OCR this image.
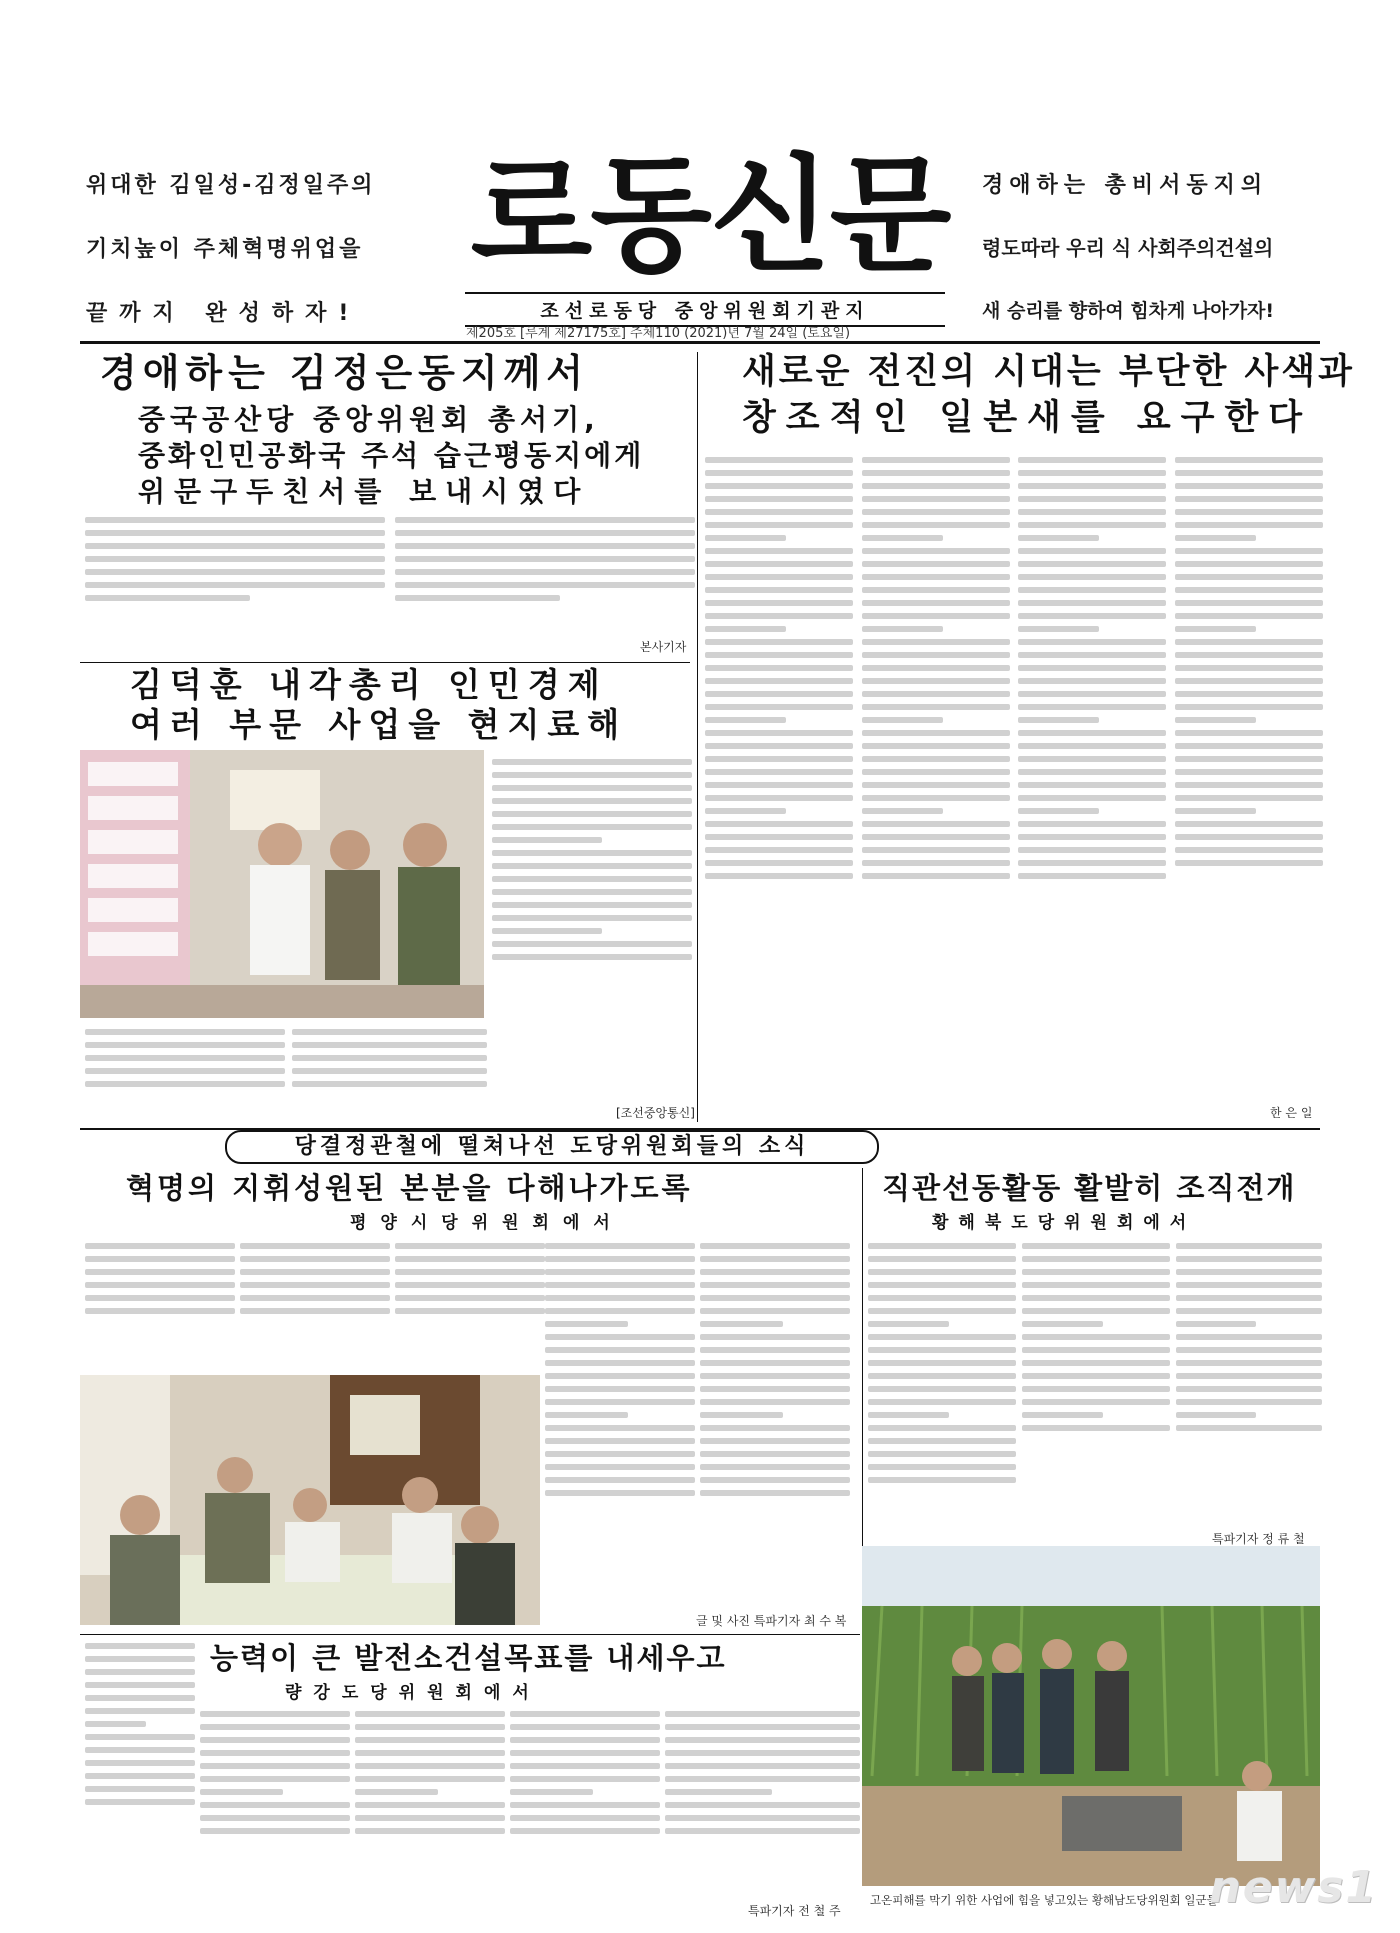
위대한 김일성-김정일주의
기치높이 주체혁명위업을
끝까지 완성하자!
로동신문
조선로동당 중앙위원회기관지
제205호 [루계 제27175호] 주체110 (2021)년 7월 24일 (토요일)
경애하는 총비서동지의
령도따라 우리 식 사회주의건설의
새 승리를 향하여 힘차게 나아가자!
경애하는 김정은동지께서
중국공산당 중앙위원회 총서기,
중화인민공화국 주석 습근평동지에게
위문구두친서를 보내시였다
본사기자
김덕훈 내각총리 인민경제
여러 부문 사업을 현지료해
[조선중앙통신]
새로운 전진의 시대는 부단한 사색과
창조적인 일본새를 요구한다
한 은 일
당결정관철에 떨쳐나선 도당위원회들의 소식
혁명의 지휘성원된 본분을 다해나가도록
평양시당위원회에서
글 및 사진 특파기자 최 수 복
직관선동활동 활발히 조직전개
황해북도당위원회에서
특파기자 정 류 철
능력이 큰 발전소건설목표를 내세우고
량강도당위원회에서
특파기자 전 철 주
고온피해를 막기 위한 사업에 힘을 넣고있는 황해남도당위원회 일군들
news1
